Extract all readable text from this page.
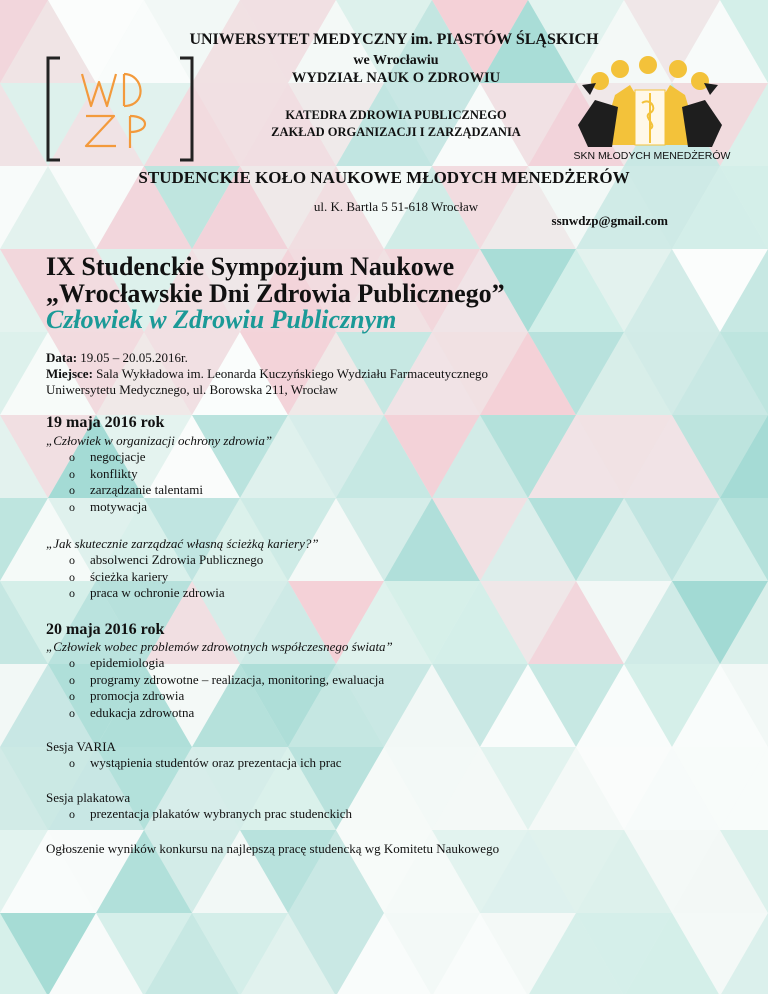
UNIWERSYTET MEDYCZNY im. PIASTÓW ŚLĄSKICH
we Wrocławiu
WYDZIAŁ NAUK O ZDROWIU
KATEDRA ZDROWIA PUBLICZNEGO
ZAKŁAD ORGANIZACJI I ZARZĄDZANIA
STUDENCKIE KOŁO NAUKOWE MŁODYCH MENEDŻERÓW
ul. K. Bartla 5 51-618 Wrocław
ssnwdzp@gmail.com
SKN MŁODYCH MENEDŻERÓW
IX Studenckie Sympozjum Naukowe
„Wrocławskie Dni Zdrowia Publicznego”
Człowiek w Zdrowiu Publicznym
Data: 19.05 – 20.05.2016r.
Miejsce: Sala Wykładowa im. Leonarda Kuczyńskiego Wydziału Farmaceutycznego
Uniwersytetu Medycznego, ul. Borowska 211, Wrocław
19 maja 2016 rok
„Człowiek w organizacji ochrony zdrowia”
o negocjacje
o konflikty
o zarządzanie talentami
o motywacja
„Jak skutecznie zarządzać własną ścieżką kariery?”
o absolwenci Zdrowia Publicznego
o ścieżka kariery
o praca w ochronie zdrowia
20 maja 2016 rok
„Człowiek wobec problemów zdrowotnych współczesnego świata”
o epidemiologia
o programy zdrowotne – realizacja, monitoring, ewaluacja
o promocja zdrowia
o edukacja zdrowotna
Sesja VARIA
o wystąpienia studentów oraz prezentacja ich prac
Sesja plakatowa
o prezentacja plakatów wybranych prac studenckich
Ogłoszenie wyników konkursu na najlepszą pracę studencką wg Komitetu Naukowego
